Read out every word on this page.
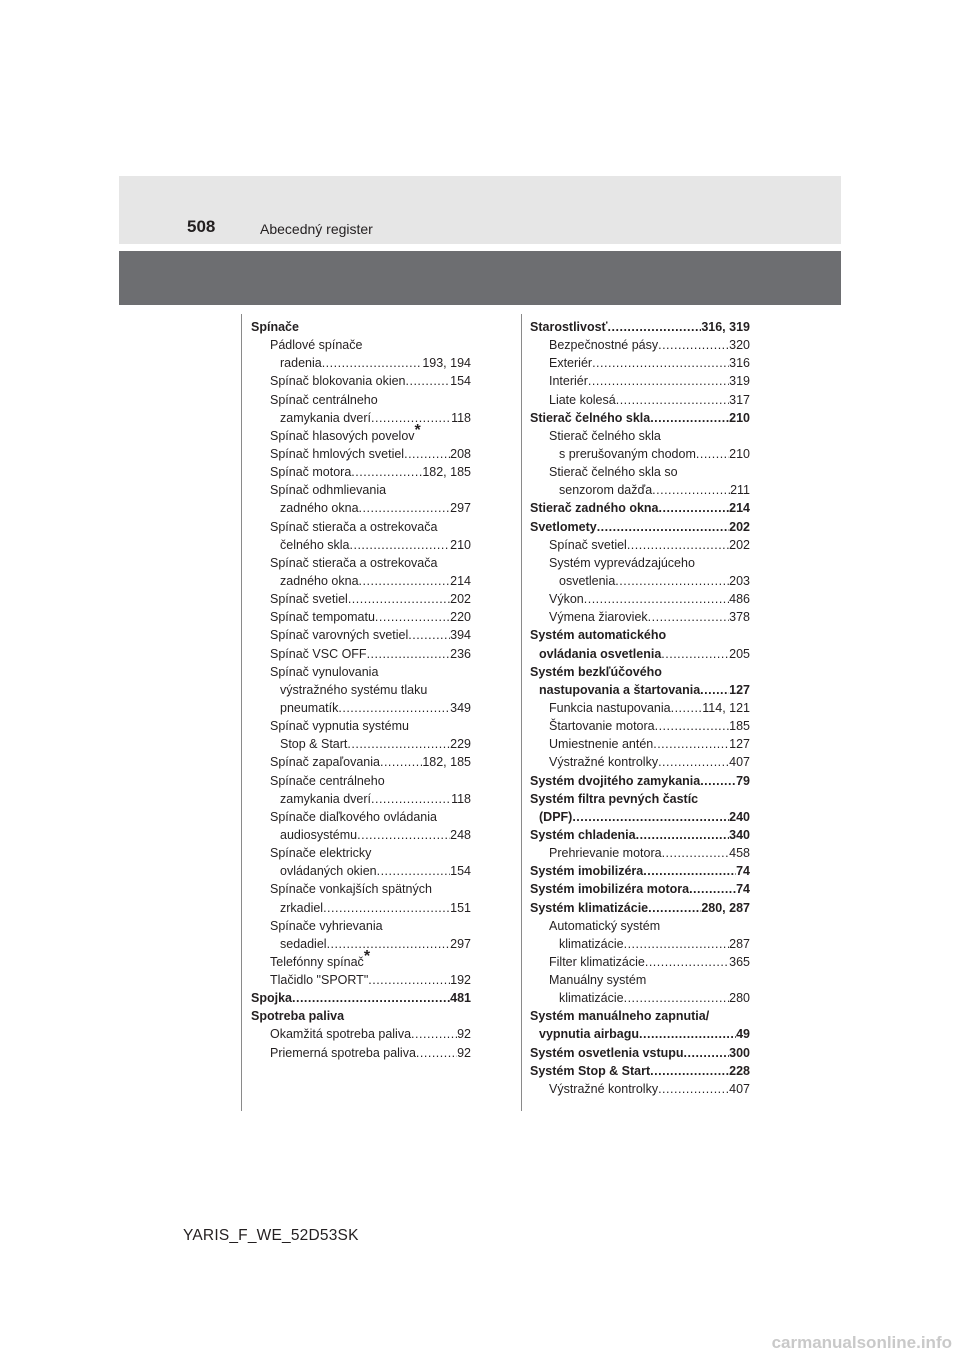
508	Abecedný register
Spínače
Pádlové spínače
radenia .....	193, 194
Spínač blokovania okien .....	154
Spínač centrálneho
zamykania dverí .....	118
Spínač hlasových povelov *
Spínač hmlových svetiel .....	208
Spínač motora .....	182, 185
Spínač odhmlievania
zadného okna .....	297
Spínač stierača a ostrekovača
čelného skla .....	210
Spínač stierača a ostrekovača
zadného okna .....	214
Spínač svetiel .....	202
Spínač tempomatu .....	220
Spínač varovných svetiel .....	394
Spínač VSC OFF .....	236
Spínač vynulovania
výstražného systému tlaku
pneumatík .....	349
Spínač vypnutia systému
Stop & Start .....	229
Spínač zapaľovania .....	182, 185
Spínače centrálneho
zamykania dverí .....	118
Spínače diaľkového ovládania
audiosystému .....	248
Spínače elektricky
ovládaných okien .....	154
Spínače vonkajších spätných
zrkadiel .....	151
Spínače vyhrievania
sedadiel .....	297
Telefónny spínač *
Tlačidlo "SPORT" .....	192
Spojka .....	481
Spotreba paliva
Okamžitá spotreba paliva .....	92
Priemerná spotreba paliva .....	92
Starostlivosť .....	316, 319
Bezpečnostné pásy .....	320
Exteriér .....	316
Interiér .....	319
Liate kolesá .....	317
Stierač čelného skla .....	210
Stierač čelného skla
s prerušovaným chodom .....	210
Stierač čelného skla so
senzorom dažďa .....	211
Stierač zadného okna .....	214
Svetlomety .....	202
Spínač svetiel .....	202
Systém vyprevádzajúceho
osvetlenia .....	203
Výkon .....	486
Výmena žiaroviek .....	378
Systém automatického
ovládania osvetlenia .....	205
Systém bezkľúčového
nastupovania a štartovania ..... 127
Funkcia nastupovania .....	114, 121
Štartovanie motora .....	185
Umiestnenie antén .....	127
Výstražné kontrolky .....	407
Systém dvojitého zamykania .....	79
Systém filtra pevných častíc
(DPF) .....	240
Systém chladenia .....	340
Prehrievanie motora .....	458
Systém imobilizéra .....	74
Systém imobilizéra motora .....	74
Systém klimatizácie .....	280, 287
Automatický systém
klimatizácie .....	287
Filter klimatizácie .....	365
Manuálny systém
klimatizácie .....	280
Systém manuálneho zapnutia/
vypnutia airbagu .....	49
Systém osvetlenia vstupu .....	300
Systém Stop & Start .....	228
Výstražné kontrolky .....	407
YARIS_F_WE_52D53SK
carmanualsonline.info
